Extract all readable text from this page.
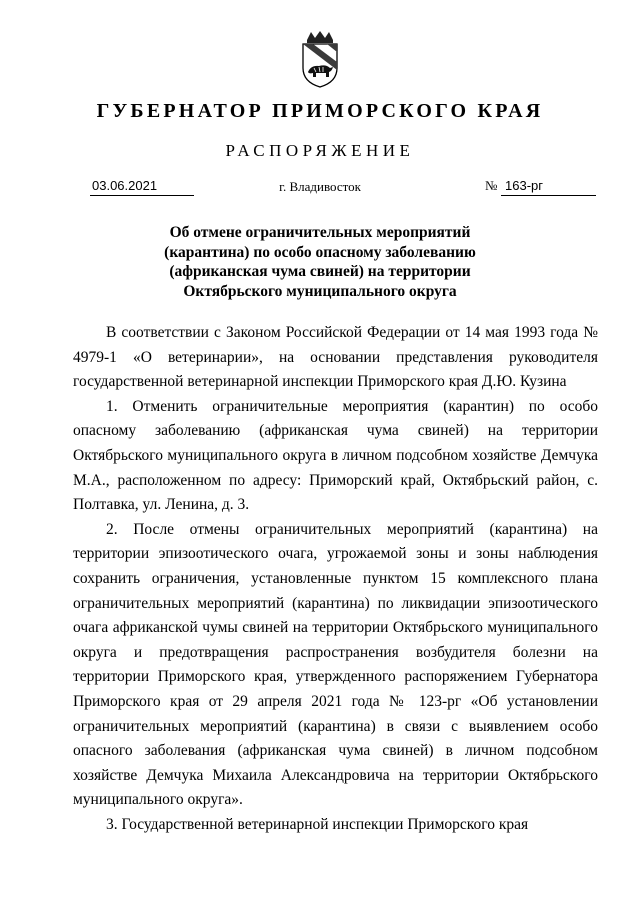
ГУБЕРНАТОР ПРИМОРСКОГО КРАЯ
РАСПОРЯЖЕНИЕ
03.06.2021	г. Владивосток	№ 163-рг
Об отмене ограничительных мероприятий
(карантина) по особо опасному заболеванию
(африканская чума свиней) на территории
Октябрьского муниципального округа

В соответствии с Законом Российской Федерации от 14 мая 1993 года № 4979-1 «О ветеринарии», на основании представления руководителя государственной ветеринарной инспекции Приморского края Д.Ю. Кузина

1. Отменить ограничительные мероприятия (карантин) по особо опасному заболеванию (африканская чума свиней) на территории Октябрьского муниципального округа в личном подсобном хозяйстве Демчука М.А., расположенном по адресу: Приморский край, Октябрьский район, с. Полтавка, ул. Ленина, д. 3.

2. После отмены ограничительных мероприятий (карантина) на территории эпизоотического очага, угрожаемой зоны и зоны наблюдения сохранить ограничения, установленные пунктом 15 комплексного плана ограничительных мероприятий (карантина) по ликвидации эпизоотического очага африканской чумы свиней на территории Октябрьского муниципального округа и предотвращения распространения возбудителя болезни на территории Приморского края, утвержденного распоряжением Губернатора Приморского края от 29 апреля 2021 года № 123-рг «Об установлении ограничительных мероприятий (карантина) в связи с выявлением особо опасного заболевания (африканская чума свиней) в личном подсобном хозяйстве Демчука Михаила Александровича на территории Октябрьского муниципального округа».

3. Государственной ветеринарной инспекции Приморского края
